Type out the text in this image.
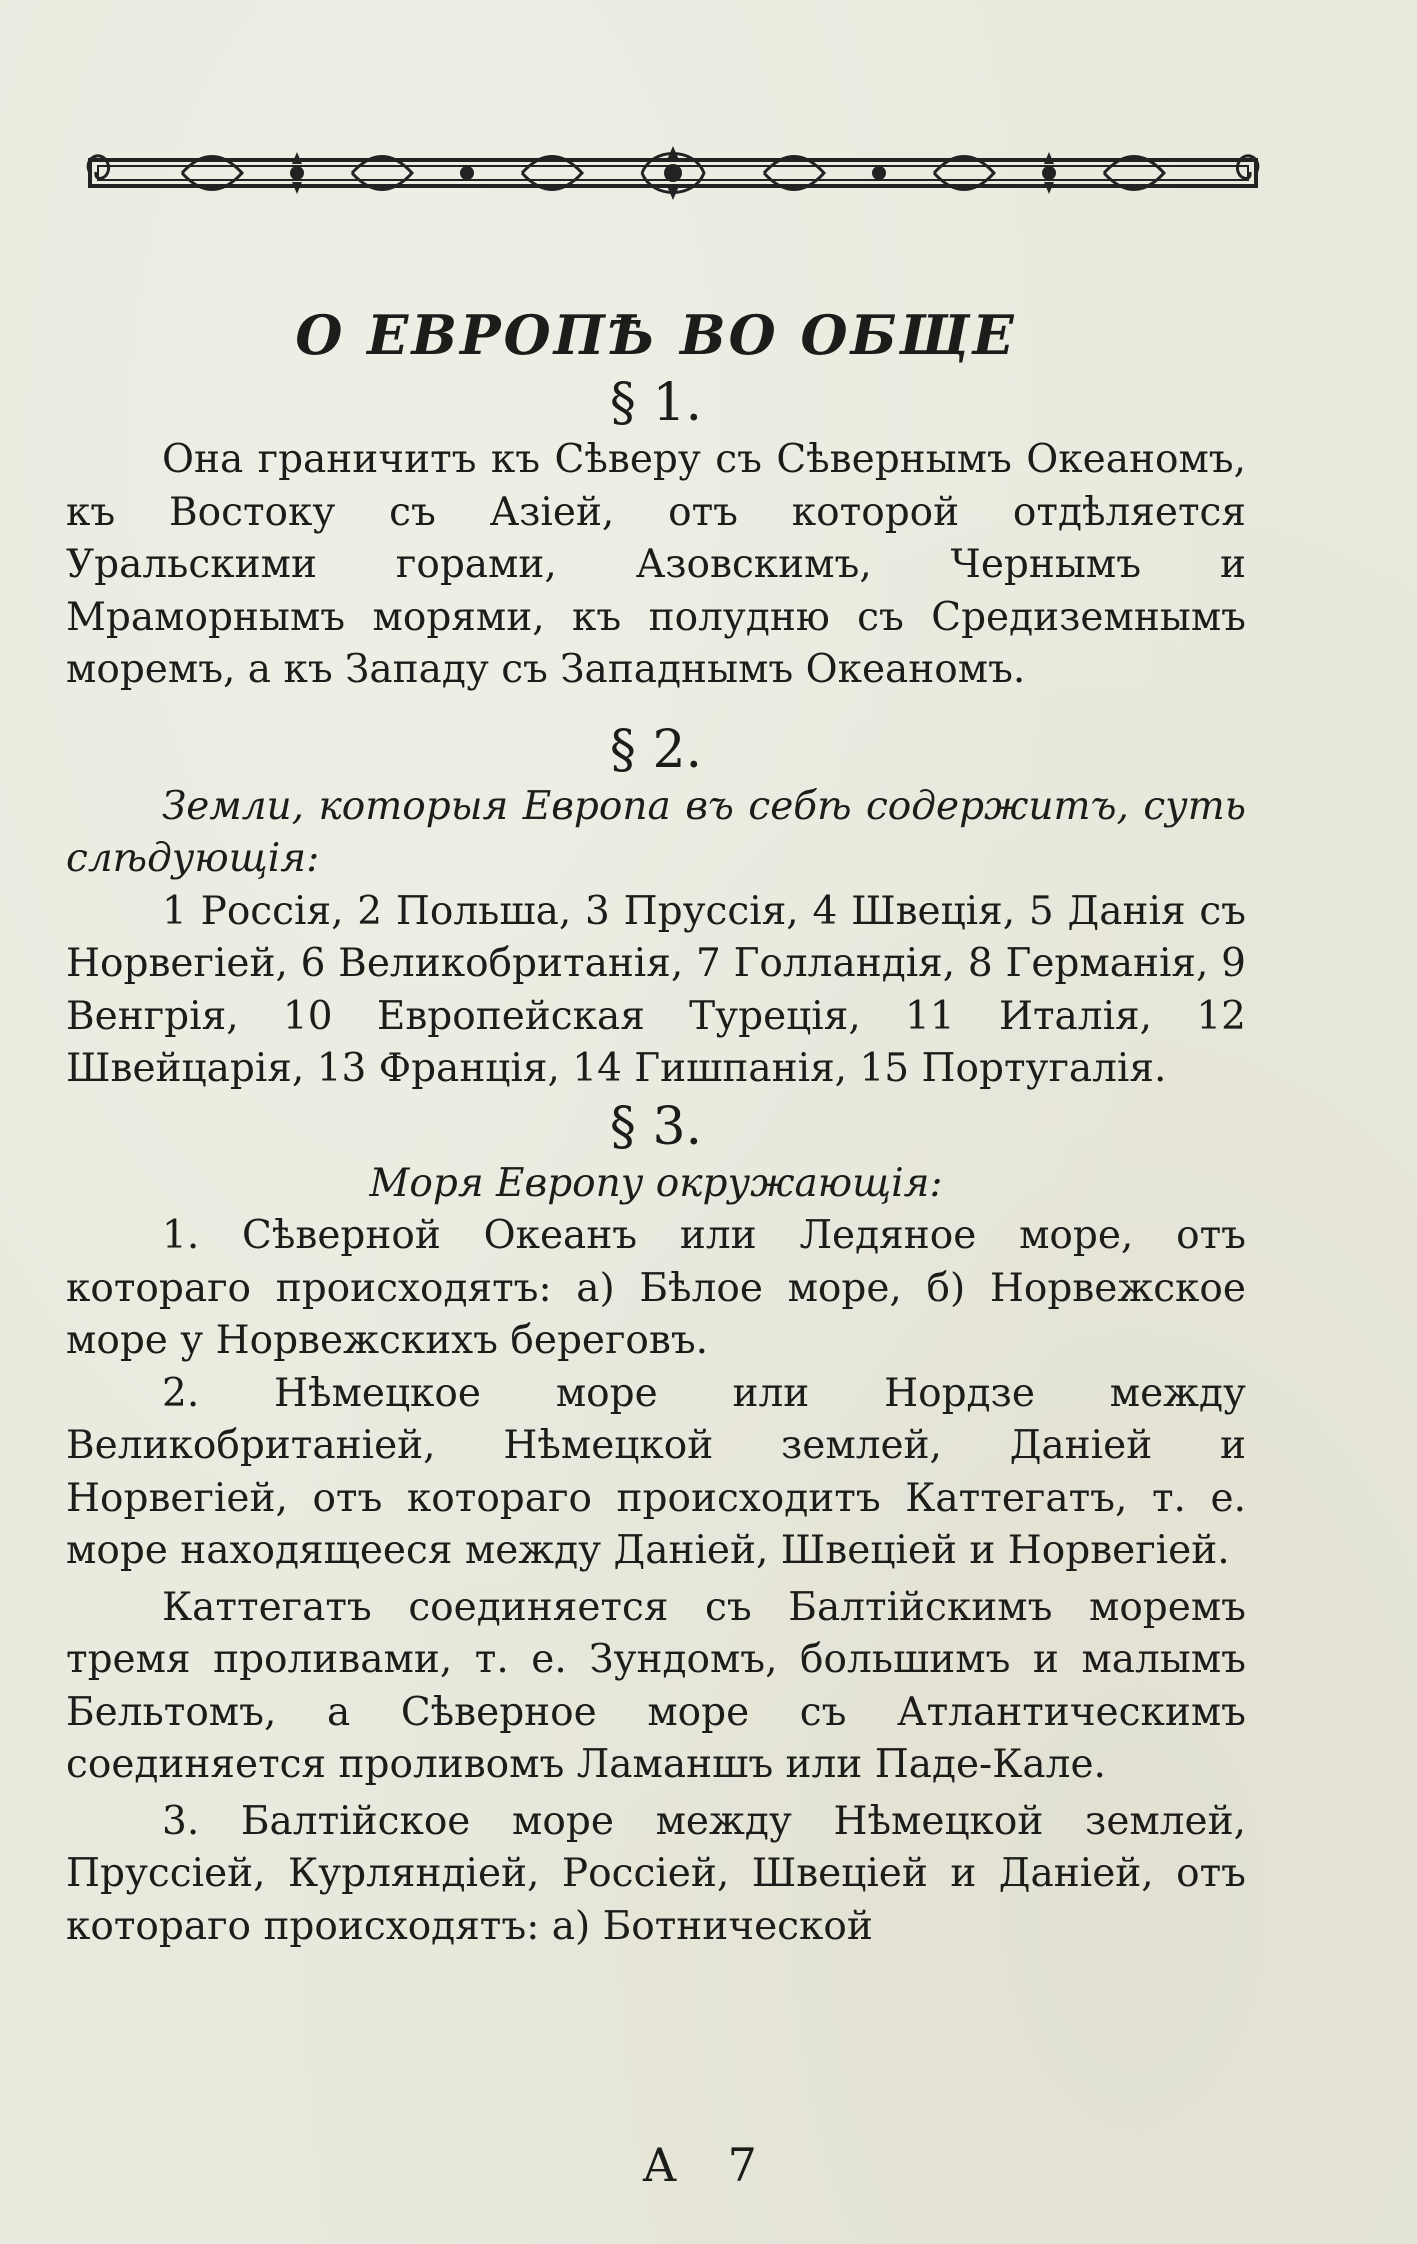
О ЕВРОПѢ ВО ОБЩЕ
§ 1.

Она граничитъ къ Сѣверу съ Сѣвернымъ Океаномъ, къ Востоку съ Азiей, отъ которой отдѣляется Уральскими горами, Азовскимъ, Чернымъ и Мраморнымъ морями, къ полудню съ Средиземнымъ моремъ, а къ Западу съ Западнымъ Океаномъ.

§ 2.

Земли, которыя Европа въ себѣ содержитъ, суть слѣдующiя:

1 Россiя, 2 Польша, 3 Пруссiя, 4 Швецiя, 5 Данiя съ Норвегiей, 6 Великобританiя, 7 Голландiя, 8 Германiя, 9 Венгрiя, 10 Европейская Турецiя, 11 Италiя, 12 Швейцарiя, 13 Францiя, 14 Гишпанiя, 15 Португалiя.

§ 3.

Моря Европу окружающiя:

1. Сѣверной Океанъ или Ледяное море, отъ котораго происходятъ: а) Бѣлое море, б) Норвежское море у Норвежскихъ береговъ.

2. Нѣмецкое море или Нордзе между Великобританiей, Нѣмецкой землей, Данiей и Норвегiей, отъ котораго происходитъ Каттегатъ, т. е. море находящееся между Данiей, Швецiей и Норвегiей.

Каттегатъ соединяется съ Балтiйскимъ моремъ тремя проливами, т. е. Зундомъ, большимъ и малымъ Бельтомъ, а Сѣверное море съ Атлантическимъ соединяется проливомъ Ламаншъ или Паде-Кале.

3. Балтiйское море между Нѣмецкой землей, Пруссiей, Курляндiей, Россiей, Швецiей и Данiей, отъ котораго происходятъ: а) Ботнической

А 7
